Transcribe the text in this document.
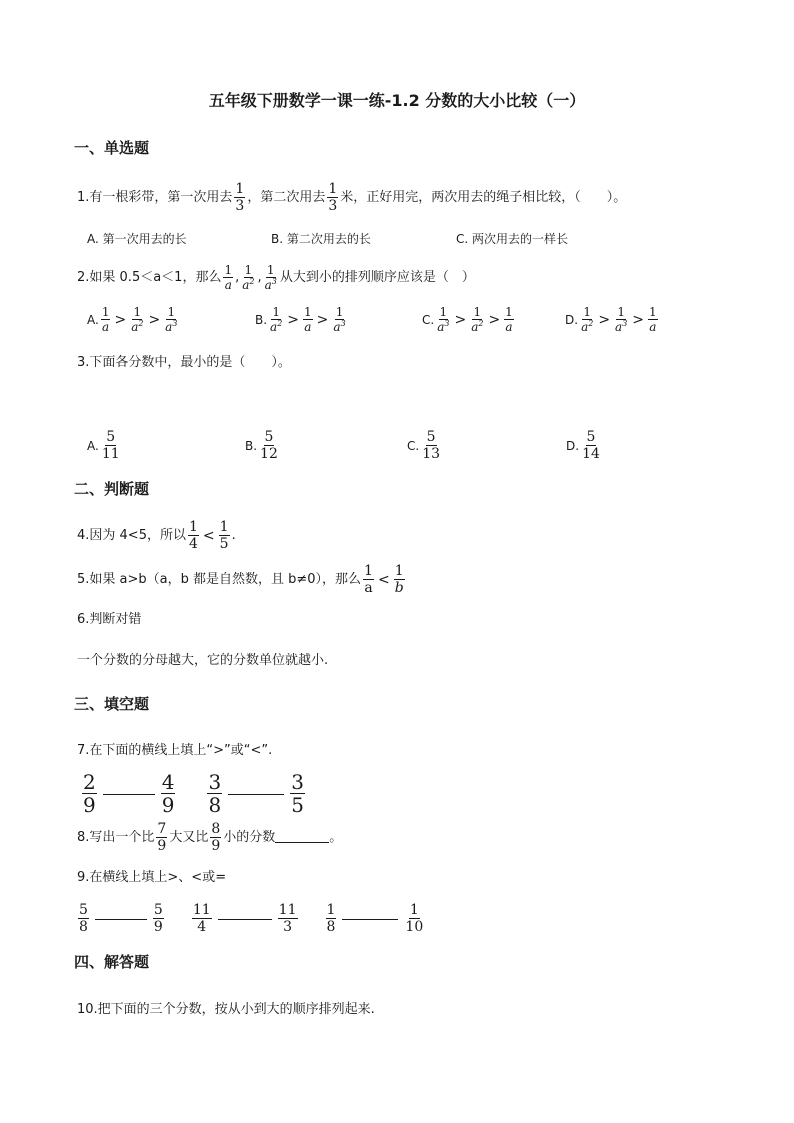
五年级下册数学一课一练-1.2 分数的大小比较（一）
一、单选题
1.有一根彩带，第一次用去 $\frac{1}{3}$ ，第二次用去 $\frac{1}{3}$ 米，正好用完，两次用去的绳子相比较，（　　）。
A. 第一次用去的长	B. 第二次用去的长	C. 两次用去的一样长
2.如果 0.5＜a＜1，那么 $\frac{1}{a}$ , $\frac{1}{a^2}$ , $\frac{1}{a^3}$ 从大到小的排列顺序应该是（　）
A. $\frac{1}{a} > \frac{1}{a^2} > \frac{1}{a^3}$	B. $\frac{1}{a^2} > \frac{1}{a} > \frac{1}{a^3}$	C. $\frac{1}{a^3} > \frac{1}{a^2} > \frac{1}{a}$	D. $\frac{1}{a^2} > \frac{1}{a^3} > \frac{1}{a}$
3.下面各分数中，最小的是（　　）。
A. $\frac{5}{11}$	B. $\frac{5}{12}$	C. $\frac{5}{13}$	D. $\frac{5}{14}$
二、判断题
4.因为 4<5，所以 $\frac{1}{4} < \frac{1}{5}$ .
5.如果 a>b（a，b 都是自然数，且 b≠0），那么 $\frac{1}{a} < \frac{1}{b}$
6.判断对错
一个分数的分母越大，它的分数单位就越小.
三、填空题
7.在下面的横线上填上“>”或“<”.
$\frac{2}{9}$	$\frac{4}{9} \frac{3}{8}$	$\frac{3}{5}$
8.写出一个比 $\frac{7}{9}$ 大又比 $\frac{8}{9}$ 小的分数	。
9.在横线上填上>、<或=
$\frac{5}{8}$	$\frac{5}{9} \frac{11}{4}$	$\frac{11}{3} \frac{1}{8}$	$\frac{1}{10}$
四、解答题
10.把下面的三个分数，按从小到大的顺序排列起来.
